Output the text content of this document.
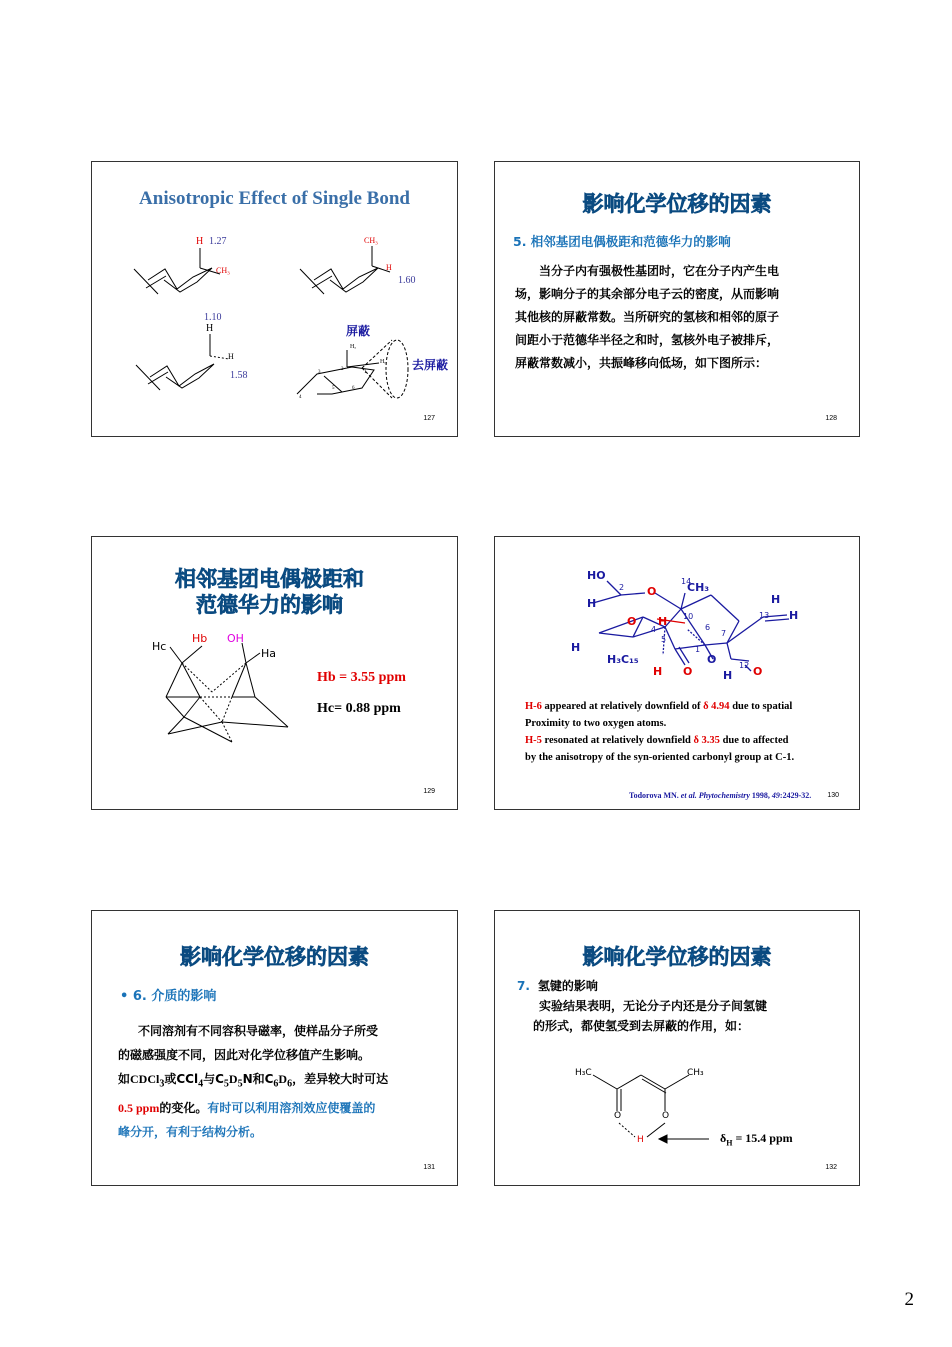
Anisotropic Effect of Single Bond
H 1.27
CH₃
CH₃
H
1.60
1.10
H
H
1.58
屏蔽
去屏蔽
Hₐ
Hₑ
1
2
3
4
5	6
127
影响化学位移的因素
5. 相邻基团电偶极距和范德华力的影响
当分子内有强极性基团时，它在分子内产生电
场，影响分子的其余部分电子云的密度，从而影响
其他核的屏蔽常数。当所研究的氢核和相邻的原子
间距小于范德华半径之和时，氢核外电子被排斥，
屏蔽常数减小，共振峰移向低场，如下图所示：
128
相邻基团电偶极距和
范德华力的影响
Hc
Hb OH
Ha
Hb = 3.55 ppm
Hc= 0.88 ppm
129
HO
2 O
14
CH₃
H
13 H
H
10
6
O
4
H
7
5
1
H
H₃C₁₅	O	12
O	O
H	H
H-6 appeared at relatively downfield of δ 4.94 due to spatial
Proximity to two oxygen atoms.
H-5 resonated at relatively downfield δ 3.35 due to affected
by the anisotropy of the syn-oriented carbonyl group at C-1.
Todorova MN. et al. Phytochemistry 1998, 49:2429-32. 130
影响化学位移的因素
• 6. 介质的影响
不同溶剂有不同容积导磁率，使样品分子所受
的磁感强度不同，因此对化学位移值产生影响。
如CDCl$_3$或CCl$_4$与$C_5D_5N$和$C_6D_6$，差异较大时可达
0.5 ppm的变化。有时可以利用溶剂效应使覆盖的
峰分开，有利于结构分析。
131
影响化学位移的因素
7. 氢键的影响
实验结果表明，无论分子内还是分子间氢键
的形式，都使氢受到去屏蔽的作用，如：
H₃C	CH₃
O	O
H	$\delta_H = 15.4$ ppm
132
2
